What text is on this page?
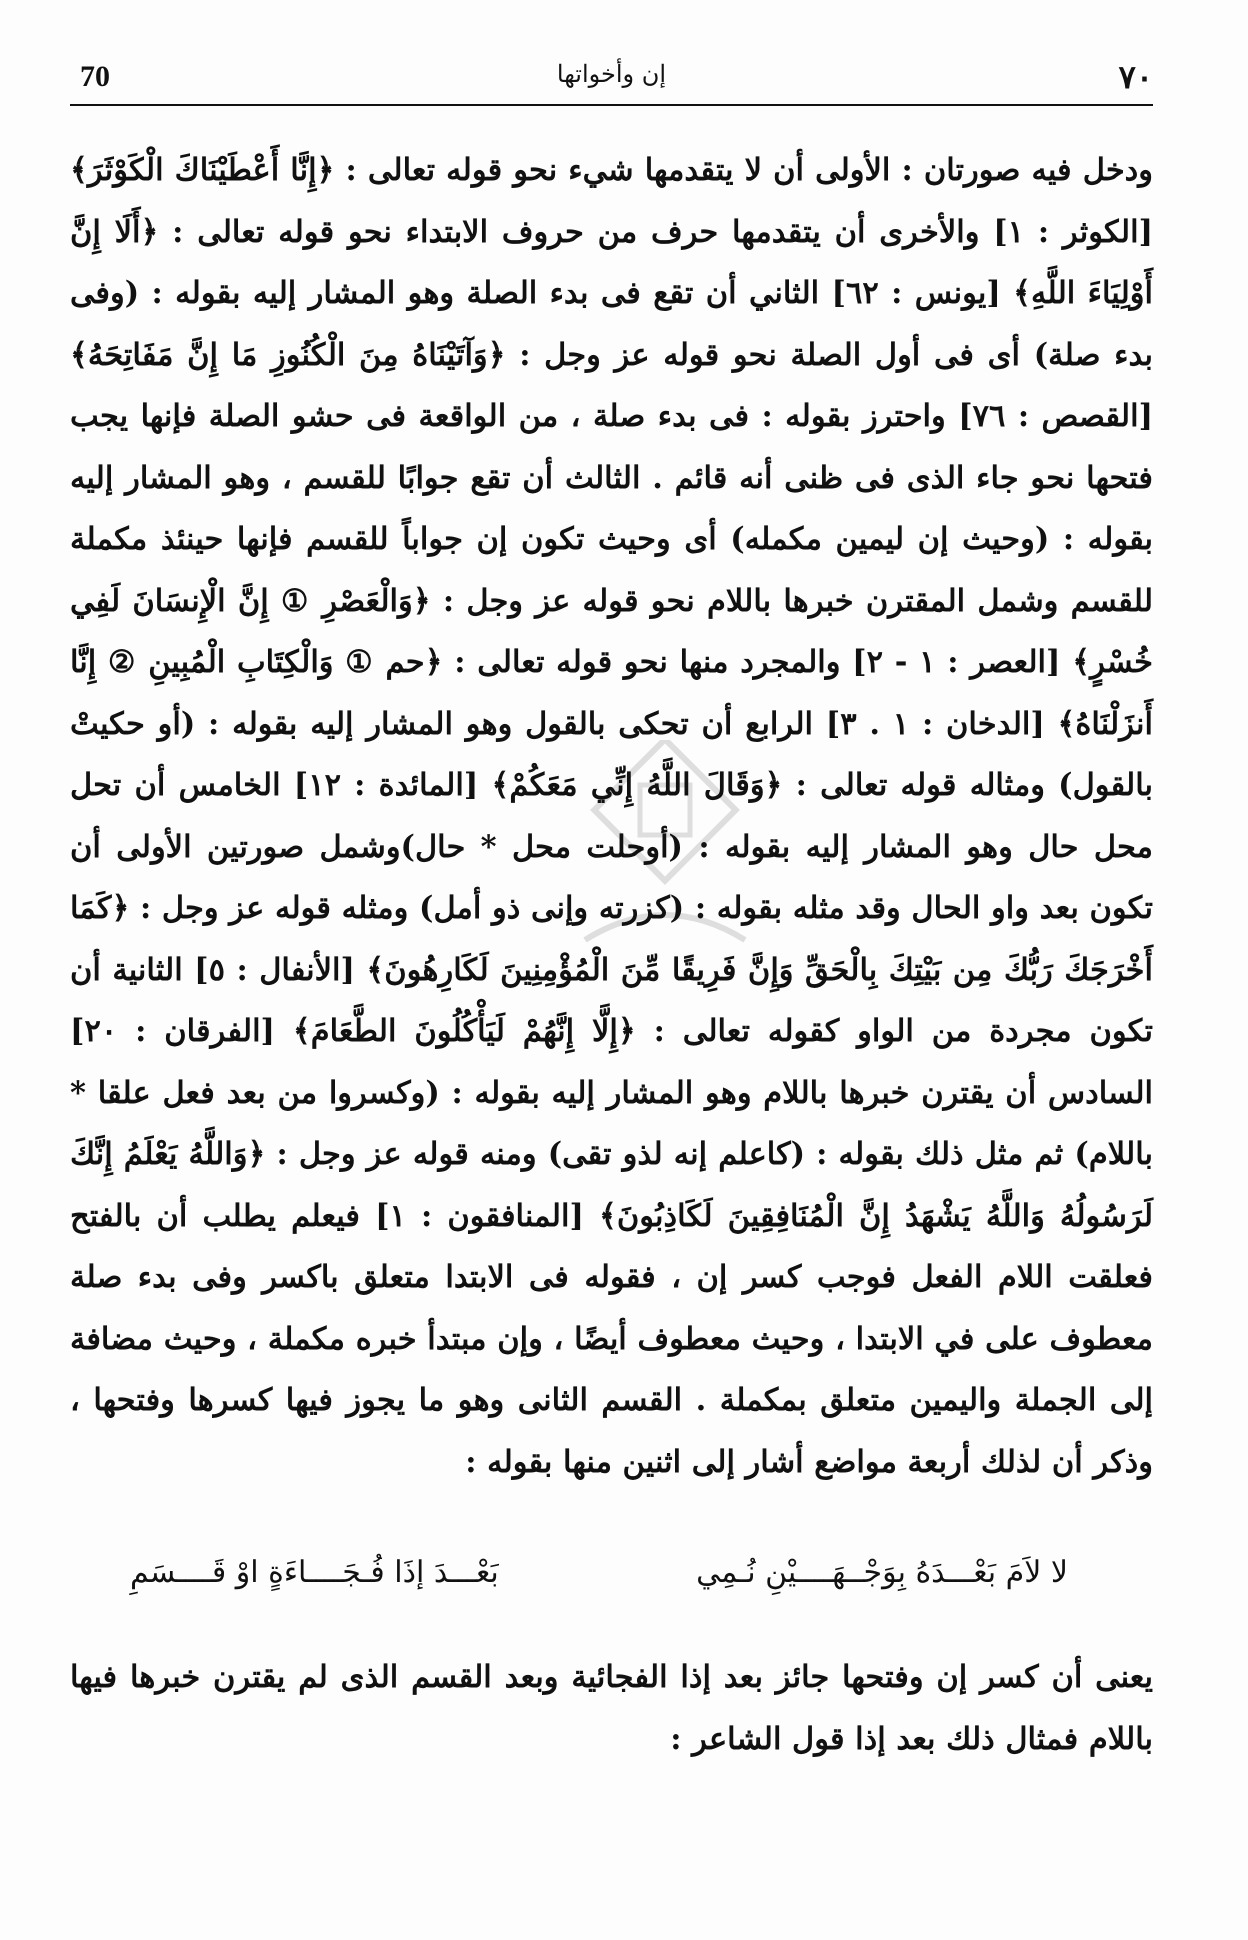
70	إن وأخواتها	٧٠

ودخل فيه صورتان : الأولى أن لا يتقدمها شيء نحو قوله تعالى : ﴿إِنَّا أَعْطَيْنَاكَ الْكَوْثَرَ﴾ [الكوثر : ١] والأخرى أن يتقدمها حرف من حروف الابتداء نحو قوله تعالى : ﴿أَلَا إِنَّ أَوْلِيَاءَ اللَّهِ﴾ [يونس : ٦٢] الثاني أن تقع فى بدء الصلة وهو المشار إليه بقوله : (وفى بدء صلة) أى فى أول الصلة نحو قوله عز وجل : ﴿وَآتَيْنَاهُ مِنَ الْكُنُوزِ مَا إِنَّ مَفَاتِحَهُ﴾ [القصص : ٧٦] واحترز بقوله : فى بدء صلة ، من الواقعة فى حشو الصلة فإنها يجب فتحها نحو جاء الذى فى ظنى أنه قائم . الثالث أن تقع جوابًا للقسم ، وهو المشار إليه بقوله : (وحيث إن ليمين مكمله) أى وحيث تكون إن جواباً للقسم فإنها حينئذ مكملة للقسم وشمل المقترن خبرها باللام نحو قوله عز وجل : ﴿وَالْعَصْرِ ① إِنَّ الْإِنسَانَ لَفِي خُسْرٍ﴾ [العصر : ١ - ٢] والمجرد منها نحو قوله تعالى : ﴿حم ① وَالْكِتَابِ الْمُبِينِ ② إِنَّا أَنزَلْنَاهُ﴾ [الدخان : ١ . ٣] الرابع أن تحكى بالقول وهو المشار إليه بقوله : (أو حكيتْ بالقول) ومثاله قوله تعالى : ﴿وَقَالَ اللَّهُ إِنِّي مَعَكُمْ﴾ [المائدة : ١٢] الخامس أن تحل محل حال وهو المشار إليه بقوله : (أوحلت محل * حال)وشمل صورتين الأولى أن تكون بعد واو الحال وقد مثله بقوله : (كزرته وإنى ذو أمل) ومثله قوله عز وجل : ﴿كَمَا أَخْرَجَكَ رَبُّكَ مِن بَيْتِكَ بِالْحَقِّ وَإِنَّ فَرِيقًا مِّنَ الْمُؤْمِنِينَ لَكَارِهُونَ﴾ [الأنفال : ٥] الثانية أن تكون مجردة من الواو كقوله تعالى : ﴿إِلَّا إِنَّهُمْ لَيَأْكُلُونَ الطَّعَامَ﴾ [الفرقان : ٢٠] السادس أن يقترن خبرها باللام وهو المشار إليه بقوله : (وكسروا من بعد فعل علقا * باللام) ثم مثل ذلك بقوله : (كاعلم إنه لذو تقى) ومنه قوله عز وجل : ﴿وَاللَّهُ يَعْلَمُ إِنَّكَ لَرَسُولُهُ وَاللَّهُ يَشْهَدُ إِنَّ الْمُنَافِقِينَ لَكَاذِبُونَ﴾ [المنافقون : ١] فيعلم يطلب أن بالفتح فعلقت اللام الفعل فوجب كسر إن ، فقوله فى الابتدا متعلق باكسر وفى بدء صلة معطوف على في الابتدا ، وحيث معطوف أيضًا ، وإن مبتدأ خبره مكملة ، وحيث مضافة إلى الجملة واليمين متعلق بمكملة . القسم الثانى وهو ما يجوز فيها كسرها وفتحها ، وذكر أن لذلك أربعة مواضع أشار إلى اثنين منها بقوله :

لا لاَمَ بَعْـــدَهُ بِوَجْــهَــــيْنِ نُـمِي
بَعْـــدَ إذَا فُـجَــــاءَةٍ اوْ قَــــسَمِ

يعنى أن كسر إن وفتحها جائز بعد إذا الفجائية وبعد القسم الذى لم يقترن خبرها فيها باللام فمثال ذلك بعد إذا قول الشاعر :
